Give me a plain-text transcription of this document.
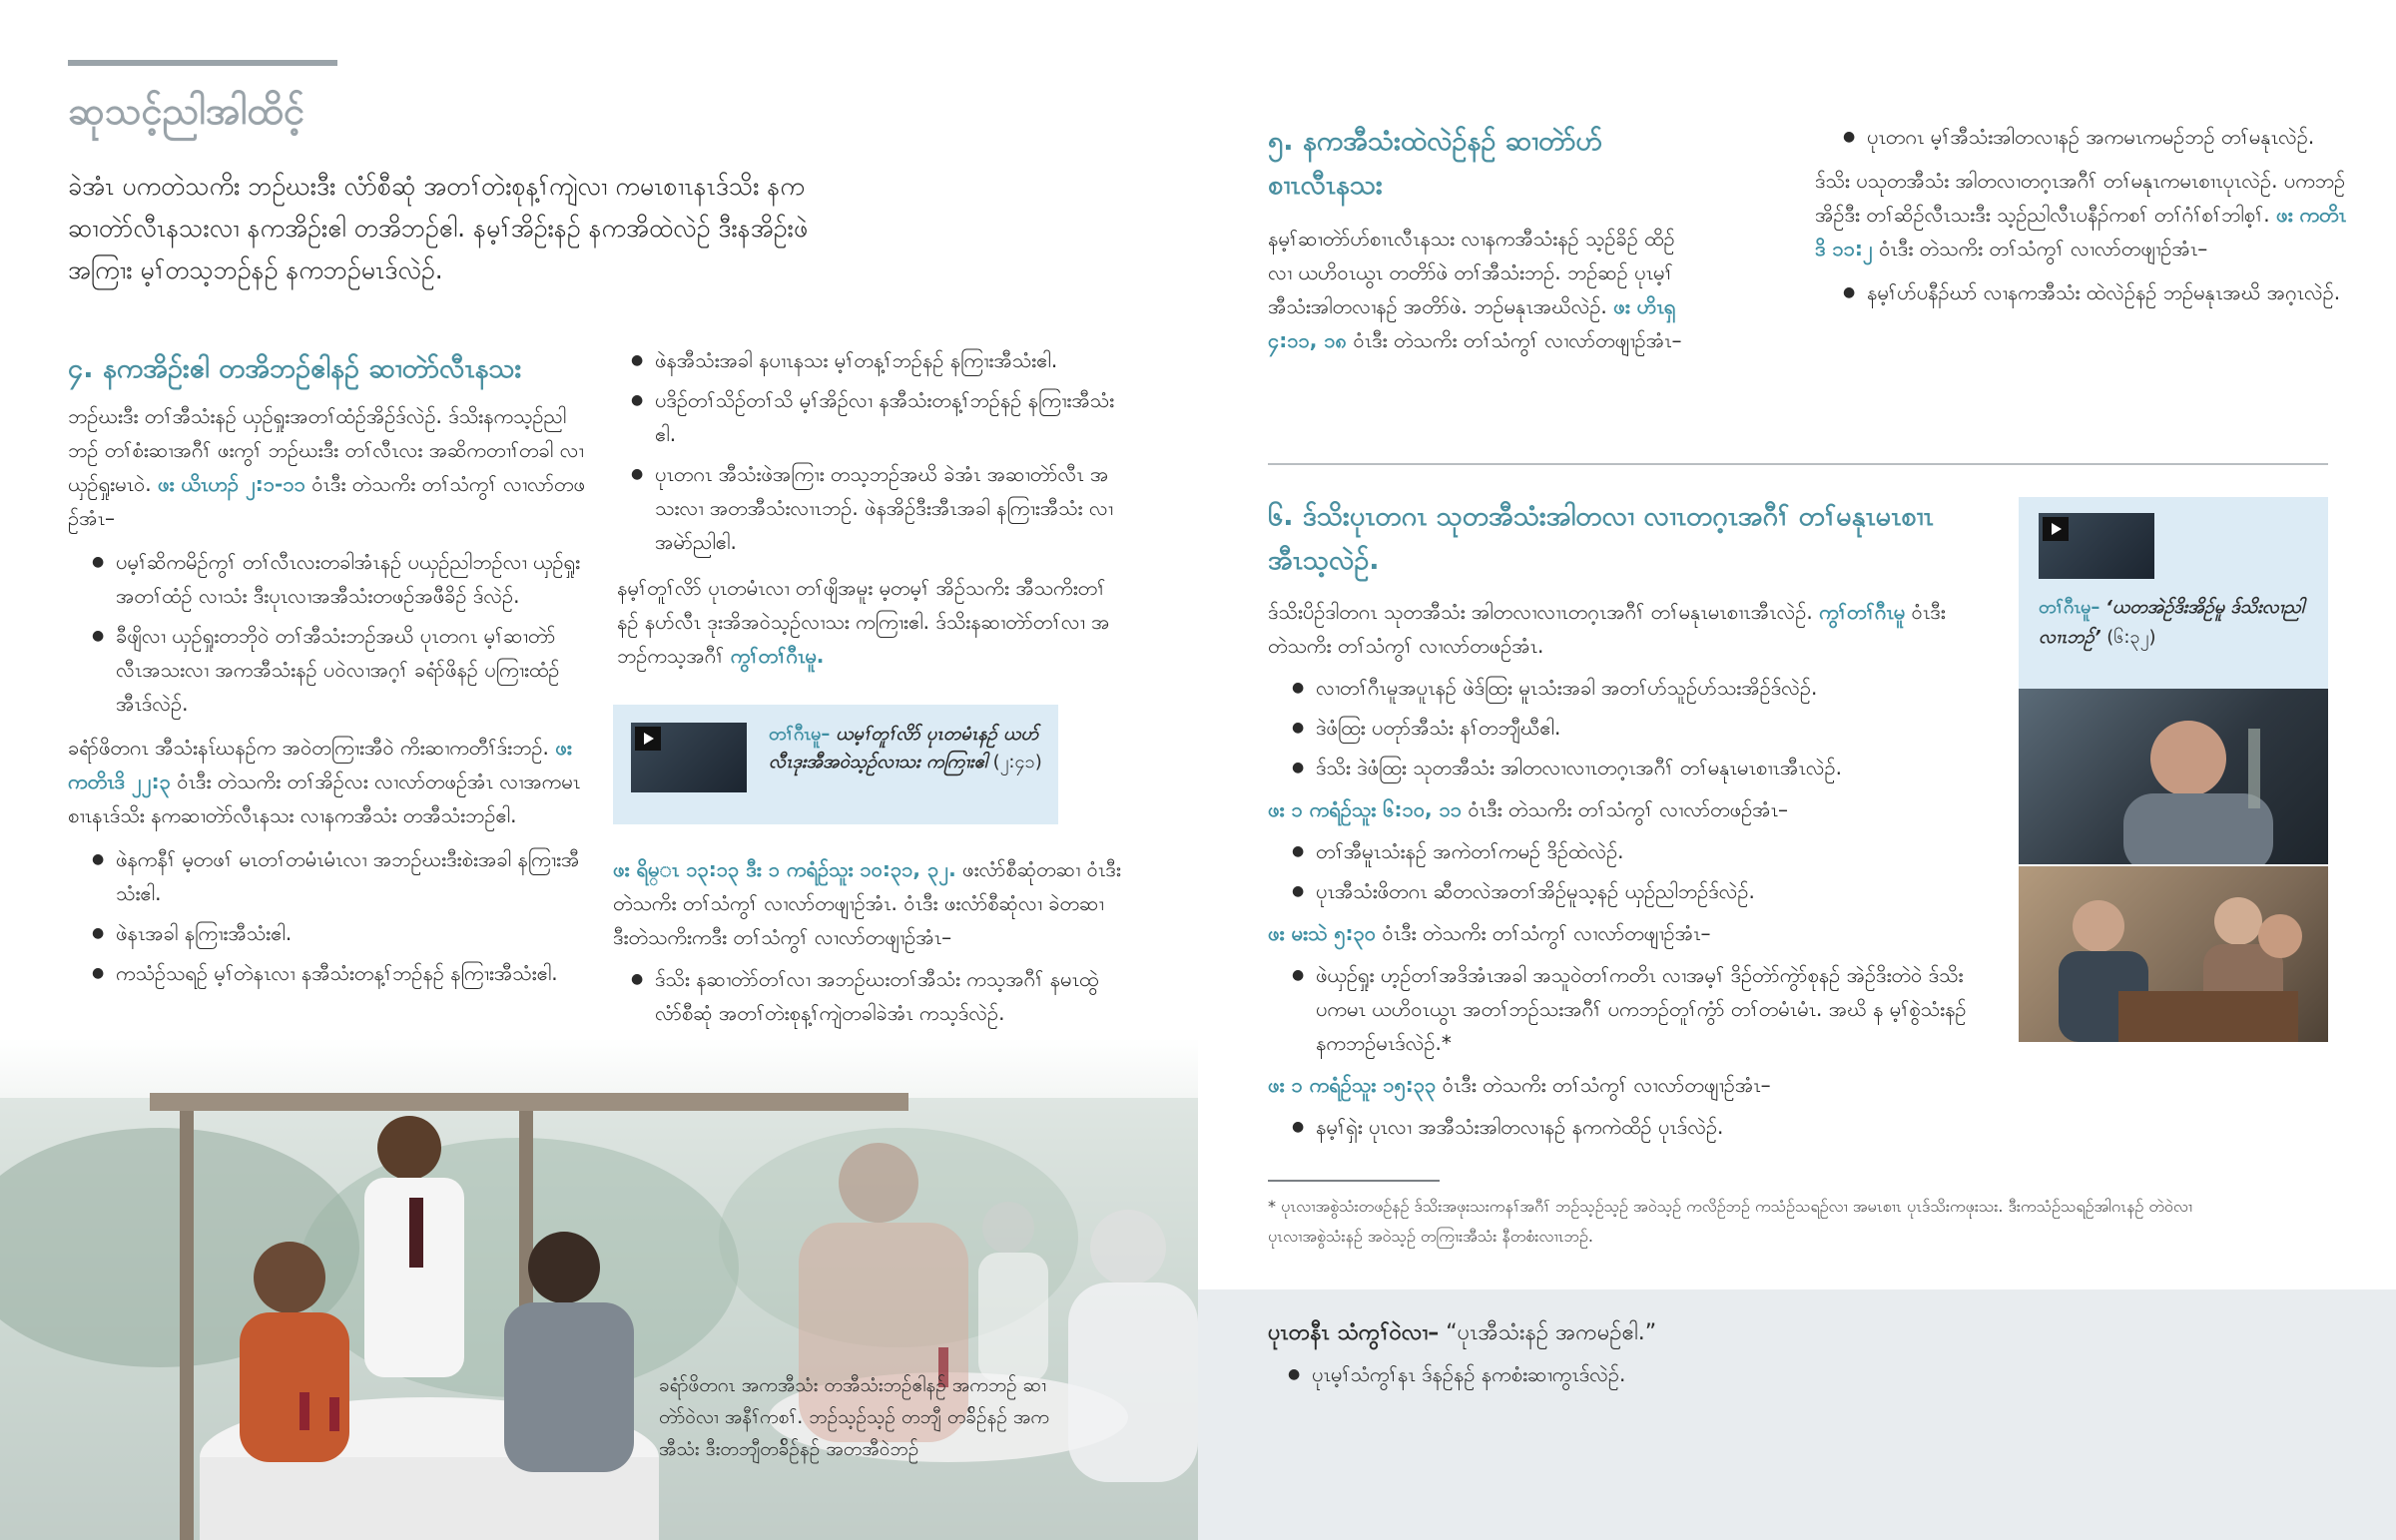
ဆုသင့်ညါအါထိင့်

ခဲအံၤ ပကတဲသကိး ဘဉ်ဃးဒီး လံာ်စီဆုံ အတၢ်တဲးစုန့ၢ်ကျဲလၢ ကမၤစၢၤနၤဒ်သိး နကဆၢတဲာ်လီၤနသးလၢ နကအိဉ်းဧါ တအိဘဉ်ဧါ. နမ့ၢ်အိဉ်းနဉ် နကအိထဲလဲဉ် ဒီးနအိဉ်းဖဲအကြၢး မ့ၢ်တသ့ဘဉ်နဉ် နကဘဉ်မၤဒ်လဲဉ်.

၄. နကအိဉ်းဧါ တအိဘဉ်ဧါနဉ် ဆၢတဲာ်လီၤနသး

ဘဉ်ဃးဒီး တၢ်အီသံးနဉ် ယှဉ်ရှုးအတၢ်ထံဉ်အိဉ်ဒ်လဲဉ်. ဒ်သိးနကသ့ဉ်ညါ ဘဉ် တၢ်စံးဆၢအဂီၢ် ဖးကွၢ် ဘဉ်ဃးဒီး တၢ်လီၤလး အဆိကတၢၢ်တခါ လၢ ယှဉ်ရှုးမၤဝဲ. ဖး ယိၤဟၣ် ၂:၁-၁၁ ဝံၤဒီး တဲသကိး တၢ်သံကွၢ် လၢလာ်တဖဉ်အံၤ–

● ပမ့ၢ်ဆိကမိဉ်ကွၢ် တၢ်လီၤလးတခါအံၤနဉ် ပယှဉ်ညါဘဉ်လၢ ယှဉ်ရှုးအတၢ်ထံဉ် လၢသံး ဒီးပုၤလၢအအီသံးတဖဉ်အဖီခိဉ် ဒ်လဲဉ်.
● ခီဖျိလၢ ယှဉ်ရှုးတဘိုဝဲ တၢ်အီသံးဘဉ်အဃိ ပုၤတဂၤ မ့ၢ်ဆၢတဲာ် လီၤအသးလၢ အကအီသံးနဉ် ပဝဲလၢအဂ့ၢ် ခရံာ်ဖိနဉ် ပကြၢးထံဉ် အီၤဒ်လဲဉ်.

ခရံာ်ဖိတဂၤ အီသံးနၤ်ဃနဉ်က အဝဲတကြၢးအီဝဲ ကိးဆၢကတီၢ်ဒ်းဘဉ်. ဖး ကတိၤဒိ ၂၂:၃ ဝံၤဒီး တဲသကိး တၢ်အိဉ်လး လၢလာ်တဖဉ်အံၤ လၢအကမၤစၢၤနၤဒ်သိး နကဆၢတဲာ်လီၤနသး လၢနကအီသံး တအီသံးဘဉ်ဧါ.

● ဖဲနကနီၢ် မ့တဖၢ် မၤတၢ်တမံၤမံၤလၢ အဘဉ်ဃးဒီးစဲးအခါ နကြၢးအီသံးဧါ.
● ဖဲနၤအခါ နကြၢးအီသံးဧါ.
● ကသံဉ်သရဉ် မ့ၢ်တဲနၤလၢ နအီသံးတန့ၢ်ဘဉ်နဉ် နကြၢးအီသံးဧါ.
● ဖဲနအီသံးအခါ နပၢၤနသး မ့ၢ်တန့ၢ်ဘဉ်နဉ် နကြၢးအီသံးဧါ.
● ပဒိဉ်တၢ်သိဉ်တၢ်သိ မ့ၢ်အိဉ်လၢ နအီသံးတန့ၢ်ဘဉ်နဉ် နကြၢးအီသံးဧါ.
● ပုၤတဂၤ အီသံးဖဲအကြၢး တသ့ဘဉ်အဃိ ခဲအံၤ အဆၢတဲာ်လီၤ အသးလၢ အတအီသံးလၢၤဘဉ်. ဖဲနအိဉ်ဒီးအီၤအခါ နကြၢးအီသံး လၢ အမဲာ်ညါဧါ.

နမ့ၢ်တူၢ်လိာ် ပုၤတမံၤလၢ တၢ်ဖျိအမူး မ့တမ့ၢ် အိဉ်သကိး အီသကိးတၢ် နဉ် နပာ်လီၤ ဒုးအိအဝဲသ့ဉ်လၢသး ကကြၢးဧါ. ဒ်သိးနဆၢတဲာ်တၢ်လၢ အဘဉ်ကသ့အဂီၢ် ကွၢ်တၢ်ဂီၤမူ.

တၢ်ဂီၤမူ– ယမ့ၢ်တူၢ်လိာ် ပုၤတမံၤနဉ် ယပာ်လီၤဒုးအီအဝဲသ့ဉ်လၢသး ကကြၢးဧါ (၂:၄၁)

ဖး ရိမ္ၤ ၁၃:၁၃ ဒီး ၁ ကရံဉ်သူး ၁၀:၃၁, ၃၂. ဖးလံာ်စီဆုံတဆၢ ဝံၤဒီး တဲသကိး တၢ်သံကွၢ် လၢလာ်တဖျၢဉ်အံၤ. ဝံၤဒီး ဖးလံာ်စီဆုံလၢ ခဲတဆၢ ဒီးတဲသကိးကဒီး တၢ်သံကွၢ် လၢလာ်တဖျၢဉ်အံၤ–

● ဒ်သိး နဆၢတဲာ်တၢ်လၢ အဘဉ်ဃးတၢ်အီသံး ကသ့အဂီၢ် နမၤထွဲ လံာ်စီဆုံ အတၢ်တဲးစုန့ၢ်ကျဲတခါခဲအံၤ ကသ့ဒ်လဲဉ်.
ခရံာ်ဖိတဂၤ အကအီသံး တအီသံးဘဉ်ဧါနဉ် အကဘဉ် ဆၢတဲာ်ဝဲလၢ အနီၢ်ကစၢ်. ဘဉ်သ့ဉ်သ့ဉ် တဘျီ တခ်ိဉ်နဉ် အကအီသံး ဒီးတဘျီတခ်ိဉ်နဉ် အတအီဝဲဘဉ်
၅. နကအီသံးထဲလဲဉ်နဉ် ဆၢတဲာ်ပာ်စၢၤလီၤနသး

နမ့ၢ်ဆၢတဲာ်ပာ်စၢၤလီၤနသး လၢနကအီသံးနဉ် သ့ဉ်ခိဉ် ထိဉ်လၢ ယဟိဝၤယွၤ တတိာ်ဖဲ တၢ်အီသံးဘဉ်. ဘဉ်ဆဉ် ပုၤမ့ၢ်အီသံးအါတလၢနဉ် အတိာ်ဖဲ. ဘဉ်မနုၤအဃိလဲဉ်. ဖး ဟိၤရှ ၄:၁၁, ၁၈ ဝံၤဒီး တဲသကိး တၢ်သံကွၢ် လၢလာ်တဖျၢဉ်အံၤ–

● ပုၤတဂၤ မ့ၢ်အီသံးအါတလၢနဉ် အကမၤကမဉ်ဘဉ် တၢ်မနုၤလဲဉ်.

ဒ်သိး ပသုတအီသံး အါတလၢတဂ့ၤအဂီၢ် တၢ်မနုၤကမၤစၢၤပုၤလဲဉ်. ပကဘဉ်အိဉ်ဒီး တၢ်ဆိဉ်လီၤသးဒီး သ့ဉ်ညါလီၤပနီၣ်ကစၢ် တၢ်ဂံၢ်စၢ်ဘါစ့ၢ်. ဖး ကတိၤဒိ ၁၁:၂ ဝံၤဒီး တဲသကိး တၢ်သံကွၢ် လၢလာ်တဖျၢဉ်အံၤ–

● နမ့ၢ်ပာ်ပနီၣ်ဃာ် လၢနကအီသံး ထဲလဲဉ်နဉ် ဘဉ်မနုၤအဃိ အဂ့ၤလဲဉ်.
၆. ဒ်သိးပုၤတဂၤ သုတအီသံးအါတလၢ လၢၤတဂ့ၤအဂီၢ် တၢ်မနုၤမၤစၢၤအီၤသ့လဲဉ်.

ဒ်သိးပိဉ်ဒါတဂၤ သုတအီသံး အါတလၢလၢၤတဂ့ၤအဂီၢ် တၢ်မနုၤမၤစၢၤအီၤလဲဉ်. ကွၢ်တၢ်ဂီၤမူ ဝံၤဒီး တဲသကိး တၢ်သံကွၢ် လၢလာ်တဖဉ်အံၤ.

● လၢတၢ်ဂီၤမူအပူၤနဉ် ဖဲဒ်ထြး မူၤသံးအခါ အတၢ်ပာ်သူဉ်ပာ်သးအိဉ်ဒ်လဲဉ်.
● ဒဲဖံထြး ပတုာ်အီသံး နၢ်တဘျီဃီဧါ.
● ဒ်သိး ဒဲဖံထြး သုတအီသံး အါတလၢလၢၤတဂ့ၤအဂီၢ် တၢ်မနုၤမၤစၢၤအီၤလဲဉ်.

ဖး ၁ ကရံဉ်သူး ၆:၁၀, ၁၁ ဝံၤဒီး တဲသကိး တၢ်သံကွၢ် လၢလာ်တဖဉ်အံၤ–

● တၢ်အီမူၤသံးနဉ် အကဲတၢ်ကမဉ် ဒိဉ်ထဲလဲဉ်.
● ပုၤအီသံးဖိတဂၤ ဆီတလဲအတၢ်အိဉ်မူသ့နဉ် ယှဉ်ညါဘဉ်ဒ်လဲဉ်.

ဖး မးသဲ ၅:၃၀ ဝံၤဒီး တဲသကိး တၢ်သံကွၢ် လၢလာ်တဖျၢဉ်အံၤ–

● ဖဲယှဉ်ရှုး ဟ့ဉ်တၢ်အဒိအံၤအခါ အသူဝဲတၢ်ကတိၤ လၢအမ့ၢ် ဒိဉ်တဲာ်ကွဲာ်စုနဉ် အဲဉ်ဒိးတဲဝဲ ဒ်သိးပကမၤ ယဟိဝၤယွၤ အတၢ်ဘဉ်သးအဂီၢ် ပကဘဉ်တူၢ်ကွံာ် တၢ်တမံၤမံၤ. အဃိ န မ့ၢ်စွဲသံးနဉ် နကဘဉ်မၤဒ်လဲဉ်.*

ဖး ၁ ကရံဉ်သူး ၁၅:၃၃ ဝံၤဒီး တဲသကိး တၢ်သံကွၢ် လၢလာ်တဖျၢဉ်အံၤ–

● နမ့ၢ်ရှဲး ပုၤလၢ အအီသံးအါတလၢနဉ် နကကဲထိဉ် ပုၤဒ်လဲဉ်.
တၢ်ဂီၤမူ– ‘ယတအဲဉ်ဒိးအိဉ်မူ ဒ်သိးလၢညါ လၢၤဘဉ်’ (၆:၃၂)
* ပုၤလၢအစွဲသံးတဖဉ်နဉ် ဒ်သိးအဖုးသးကနၢ်အဂီၢ် ဘဉ်သ့ဉ်သ့ဉ် အဝဲသ့ဉ် ကလိဉ်ဘဉ် ကသံဉ်သရဉ်လၢ အမၤစၢၤ ပုၤဒ်သိးကဖုးသး. ဒီးကသံဉ်သရဉ်အါဂၤနဉ် တဲဝဲလၢ ပုၤလၢအစွဲသံးနဉ် အဝဲသ့ဉ် တကြၢးအီသံး နီတစံးလၢၤဘဉ်.
ပုၤတနီၤ သံကွၢ်ဝဲလၢ– “ပုၤအီသံးနဉ် အကမဉ်ဧါ.”
● ပုၤမ့ၢ်သံကွၢ်နၤ ဒ်နဉ်နဉ် နကစံးဆၢကွၤဒ်လဲဉ်.
